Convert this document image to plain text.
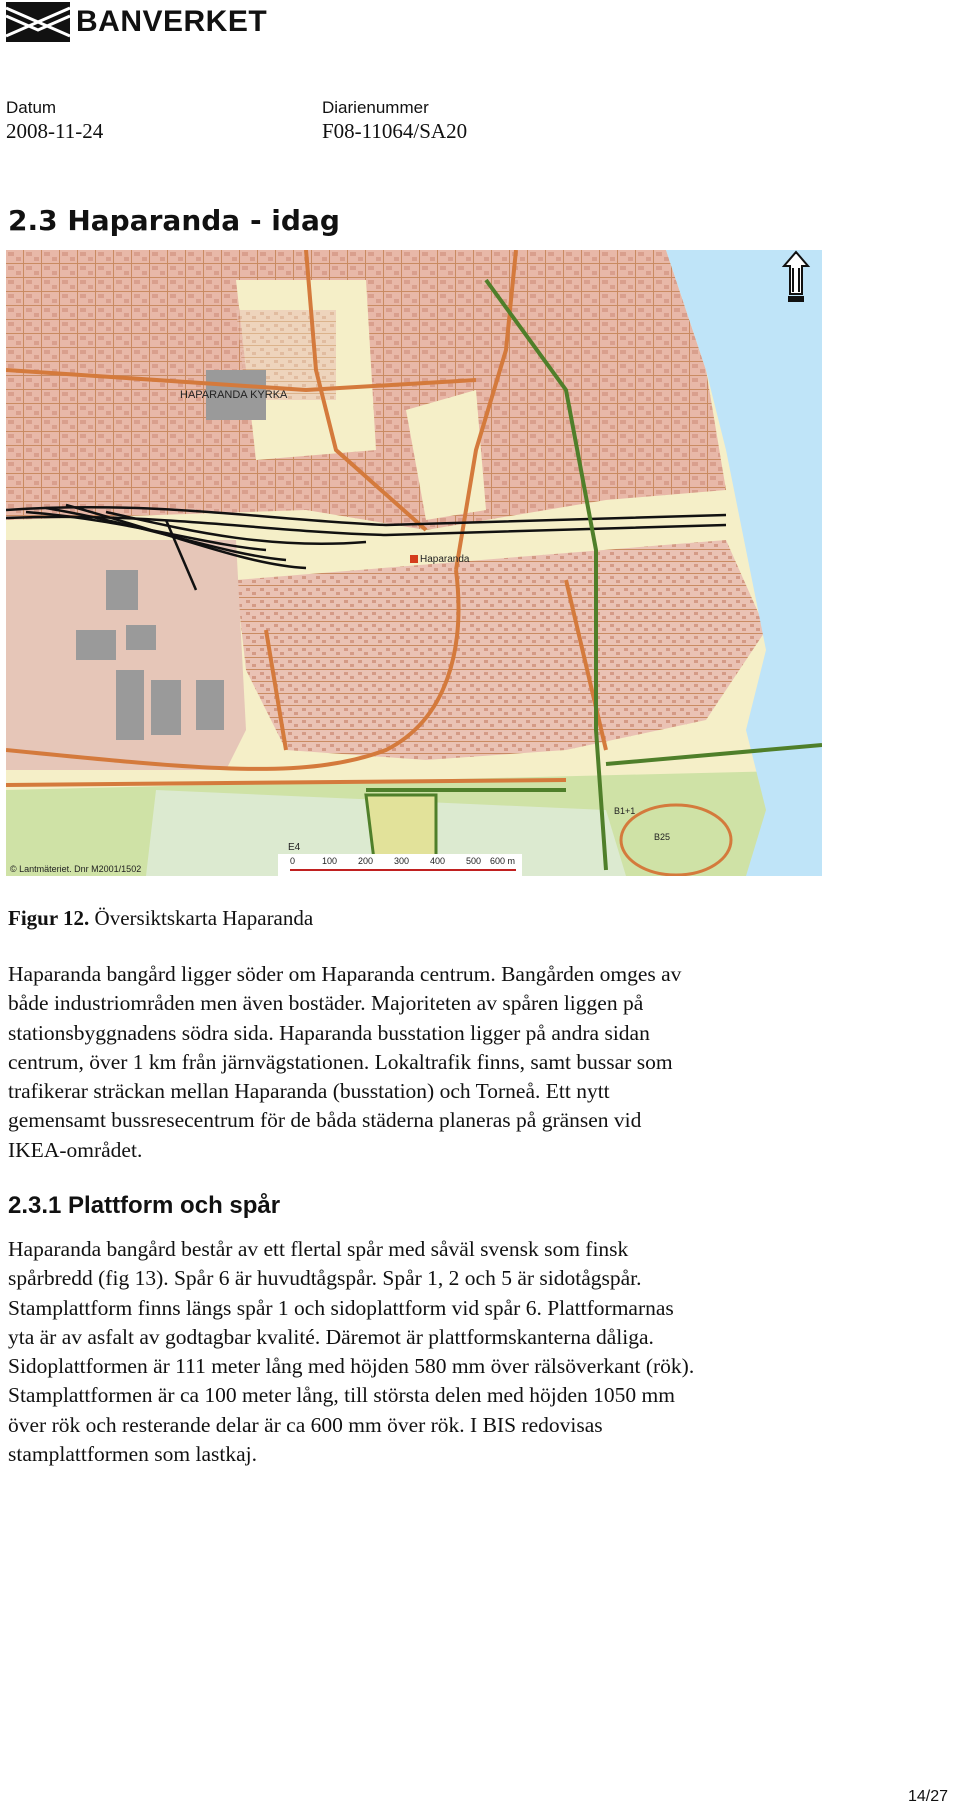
BANVERKET
Datum
2008-11-24
Diarienummer
F08-11064/SA20
2.3 Haparanda - idag
HAPARANDA KYRKA
Haparanda
E4
B1+1
B25
© Lantmäteriet. Dnr M2001/1502
0	100 200 300 400 500 600 m
Figur 12. Översiktskarta Haparanda

Haparanda bangård ligger söder om Haparanda centrum. Bangården omges av
både industriområden men även bostäder. Majoriteten av spåren liggen på
stationsbyggnadens södra sida. Haparanda busstation ligger på andra sidan
centrum, över 1 km från järnvägstationen. Lokaltrafik finns, samt bussar som
trafikerar sträckan mellan Haparanda (busstation) och Torneå. Ett nytt
gemensamt bussresecentrum för de båda städerna planeras på gränsen vid
IKEA-området.

2.3.1 Plattform och spår

Haparanda bangård består av ett flertal spår med såväl svensk som finsk
spårbredd (fig 13). Spår 6 är huvudtågspår. Spår 1, 2 och 5 är sidotågspår.
Stamplattform finns längs spår 1 och sidoplattform vid spår 6. Plattformarnas
yta är av asfalt av godtagbar kvalité. Däremot är plattformskanterna dåliga.
Sidoplattformen är 111 meter lång med höjden 580 mm över rälsöverkant (rök).
Stamplattformen är ca 100 meter lång, till största delen med höjden 1050 mm
över rök och resterande delar är ca 600 mm över rök. I BIS redovisas
stamplattformen som lastkaj.

14/27
